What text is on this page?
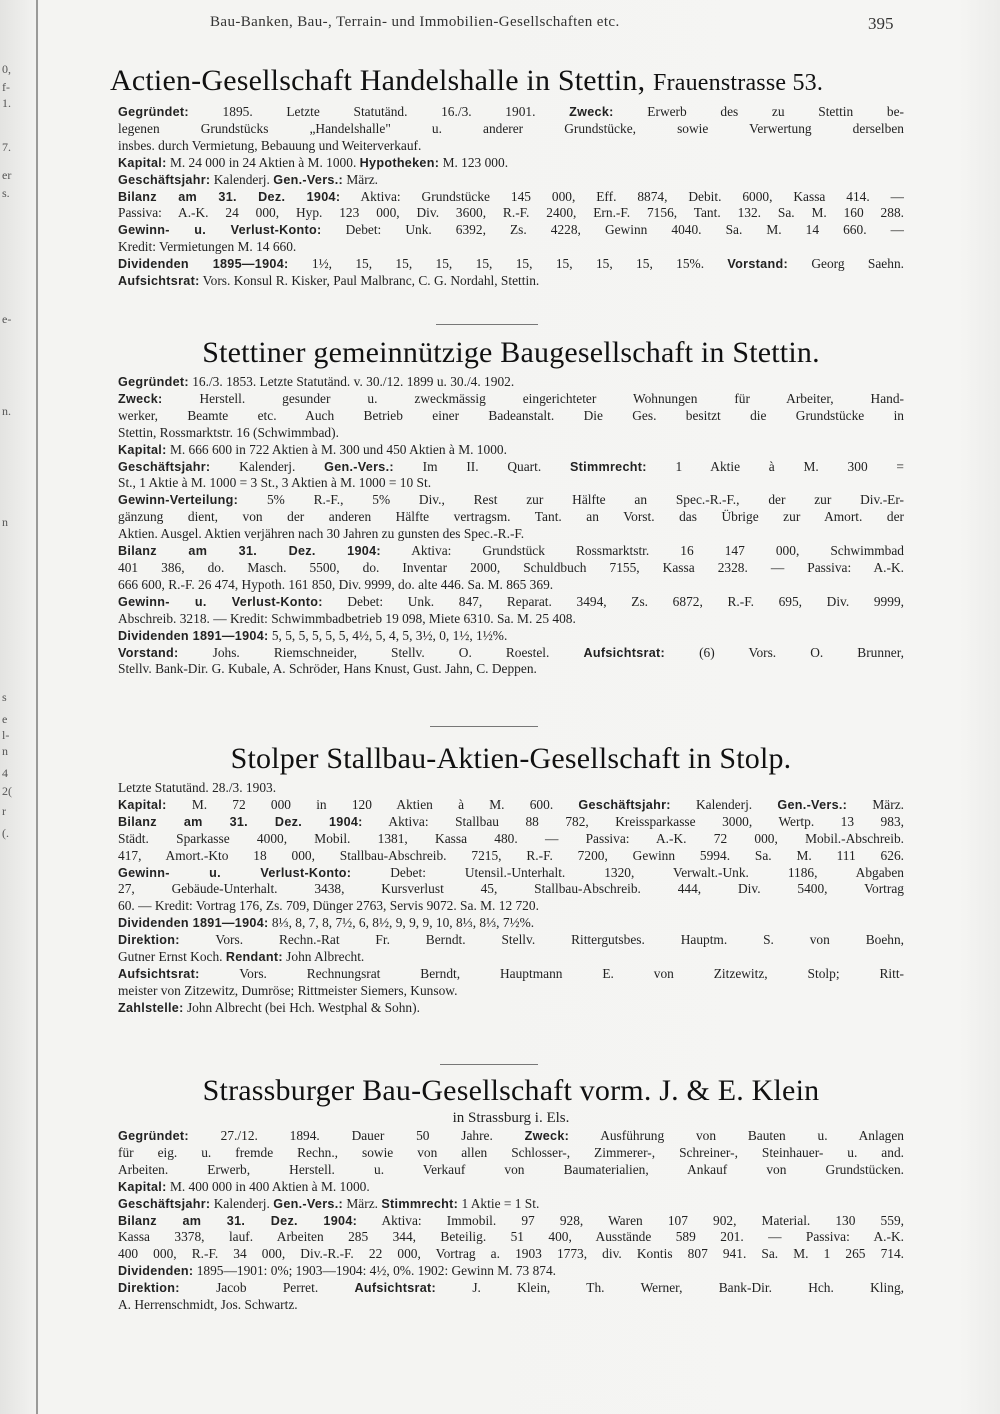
0,
f-
1.
7.
er
s.
e-
n.
n
s
e
l-
n
4
2(
r
(.
Bau-Banken, Bau-, Terrain- und Immobilien-Gesellschaften etc.	395
Actien-Gesellschaft Handelshalle in Stettin, Frauenstrasse 53.
Gegründet: 1895. Letzte Statutänd. 16./3. 1901. Zweck: Erwerb des zu Stettin be-
legenen Grundstücks „Handelshalle" u. anderer Grundstücke, sowie Verwertung derselben
insbes. durch Vermietung, Bebauung und Weiterverkauf.
Kapital: M. 24 000 in 24 Aktien à M. 1000. Hypotheken: M. 123 000.
Geschäftsjahr: Kalenderj. Gen.-Vers.: März.
Bilanz am 31. Dez. 1904: Aktiva: Grundstücke 145 000, Eff. 8874, Debit. 6000, Kassa 414. —
Passiva: A.-K. 24 000, Hyp. 123 000, Div. 3600, R.-F. 2400, Ern.-F. 7156, Tant. 132. Sa. M. 160 288.
Gewinn- u. Verlust-Konto: Debet: Unk. 6392, Zs. 4228, Gewinn 4040. Sa. M. 14 660. —
Kredit: Vermietungen M. 14 660.
Dividenden 1895—1904: 1½, 15, 15, 15, 15, 15, 15, 15, 15, 15%. Vorstand: Georg Saehn.
Aufsichtsrat: Vors. Konsul R. Kisker, Paul Malbranc, C. G. Nordahl, Stettin.
Stettiner gemeinnützige Baugesellschaft in Stettin.
Gegründet: 16./3. 1853. Letzte Statutänd. v. 30./12. 1899 u. 30./4. 1902.
Zweck: Herstell. gesunder u. zweckmässig eingerichteter Wohnungen für Arbeiter, Hand-
werker, Beamte etc. Auch Betrieb einer Badeanstalt. Die Ges. besitzt die Grundstücke in
Stettin, Rossmarktstr. 16 (Schwimmbad).
Kapital: M. 666 600 in 722 Aktien à M. 300 und 450 Aktien à M. 1000.
Geschäftsjahr: Kalenderj. Gen.-Vers.: Im II. Quart. Stimmrecht: 1 Aktie à M. 300 =
St., 1 Aktie à M. 1000 = 3 St., 3 Aktien à M. 1000 = 10 St.
Gewinn-Verteilung: 5% R.-F., 5% Div., Rest zur Hälfte an Spec.-R.-F., der zur Div.-Er-
gänzung dient, von der anderen Hälfte vertragsm. Tant. an Vorst. das Übrige zur Amort. der
Aktien. Ausgel. Aktien verjähren nach 30 Jahren zu gunsten des Spec.-R.-F.
Bilanz am 31. Dez. 1904: Aktiva: Grundstück Rossmarktstr. 16 147 000, Schwimmbad
401 386, do. Masch. 5500, do. Inventar 2000, Schuldbuch 7155, Kassa 2328. — Passiva: A.-K.
666 600, R.-F. 26 474, Hypoth. 161 850, Div. 9999, do. alte 446. Sa. M. 865 369.
Gewinn- u. Verlust-Konto: Debet: Unk. 847, Reparat. 3494, Zs. 6872, R.-F. 695, Div. 9999,
Abschreib. 3218. — Kredit: Schwimmbadbetrieb 19 098, Miete 6310. Sa. M. 25 408.
Dividenden 1891—1904: 5, 5, 5, 5, 5, 5, 4½, 5, 4, 5, 3½, 0, 1½, 1½%.
Vorstand: Johs. Riemschneider, Stellv. O. Roestel. Aufsichtsrat: (6) Vors. O. Brunner,
Stellv. Bank-Dir. G. Kubale, A. Schröder, Hans Knust, Gust. Jahn, C. Deppen.
Stolper Stallbau-Aktien-Gesellschaft in Stolp.
Letzte Statutänd. 28./3. 1903.
Kapital: M. 72 000 in 120 Aktien à M. 600. Geschäftsjahr: Kalenderj. Gen.-Vers.: März.
Bilanz am 31. Dez. 1904: Aktiva: Stallbau 88 782, Kreissparkasse 3000, Wertp. 13 983,
Städt. Sparkasse 4000, Mobil. 1381, Kassa 480. — Passiva: A.-K. 72 000, Mobil.-Abschreib.
417, Amort.-Kto 18 000, Stallbau-Abschreib. 7215, R.-F. 7200, Gewinn 5994. Sa. M. 111 626.
Gewinn- u. Verlust-Konto: Debet: Utensil.-Unterhalt. 1320, Verwalt.-Unk. 1186, Abgaben
27, Gebäude-Unterhalt. 3438, Kursverlust 45, Stallbau-Abschreib. 444, Div. 5400, Vortrag
60. — Kredit: Vortrag 176, Zs. 709, Dünger 2763, Servis 9072. Sa. M. 12 720.
Dividenden 1891—1904: 8⅓, 8, 7, 8, 7½, 6, 8½, 9, 9, 9, 10, 8⅓, 8⅓, 7½%.
Direktion: Vors. Rechn.-Rat Fr. Berndt. Stellv. Rittergutsbes. Hauptm. S. von Boehn,
Gutner Ernst Koch. Rendant: John Albrecht.
Aufsichtsrat: Vors. Rechnungsrat Berndt, Hauptmann E. von Zitzewitz, Stolp; Ritt-
meister von Zitzewitz, Dumröse; Rittmeister Siemers, Kunsow.
Zahlstelle: John Albrecht (bei Hch. Westphal & Sohn).
Strassburger Bau-Gesellschaft vorm. J. & E. Klein
in Strassburg i. Els.
Gegründet: 27./12. 1894. Dauer 50 Jahre. Zweck: Ausführung von Bauten u. Anlagen
für eig. u. fremde Rechn., sowie von allen Schlosser-, Zimmerer-, Schreiner-, Steinhauer- u. and.
Arbeiten. Erwerb, Herstell. u. Verkauf von Baumaterialien, Ankauf von Grundstücken.
Kapital: M. 400 000 in 400 Aktien à M. 1000.
Geschäftsjahr: Kalenderj. Gen.-Vers.: März. Stimmrecht: 1 Aktie = 1 St.
Bilanz am 31. Dez. 1904: Aktiva: Immobil. 97 928, Waren 107 902, Material. 130 559,
Kassa 3378, lauf. Arbeiten 285 344, Beteilig. 51 400, Ausstände 589 201. — Passiva: A.-K.
400 000, R.-F. 34 000, Div.-R.-F. 22 000, Vortrag a. 1903 1773, div. Kontis 807 941. Sa. M. 1 265 714.
Dividenden: 1895—1901: 0%; 1903—1904: 4½, 0%. 1902: Gewinn M. 73 874.
Direktion: Jacob Perret. Aufsichtsrat: J. Klein, Th. Werner, Bank-Dir. Hch. Kling,
A. Herrenschmidt, Jos. Schwartz.
